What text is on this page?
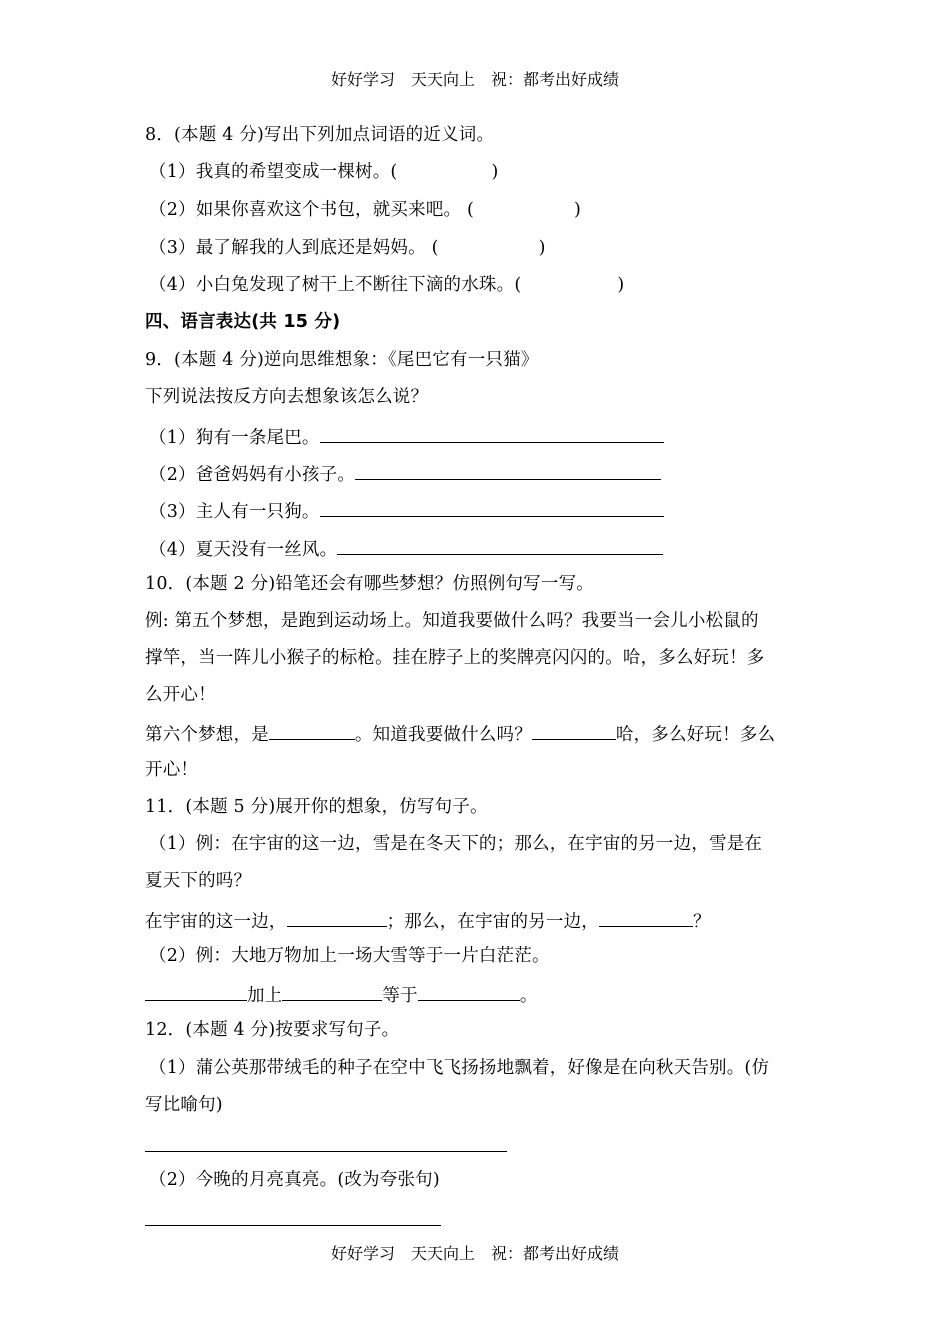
好好学习　天天向上　祝：都考出好成绩
8．(本题 4 分)写出下列加点词语的近义词。
（1）我真的希望变成一棵树。(	)
（2）如果你喜欢这个书包，就买来吧。 (	)
（3）最了解我的人到底还是妈妈。 (	)
（4）小白兔发现了树干上不断往下滴的水珠。(	)
四、语言表达(共 15 分)
9．(本题 4 分)逆向思维想象：《尾巴它有一只猫》
下列说法按反方向去想象该怎么说？
（1）狗有一条尾巴。
（2）爸爸妈妈有小孩子。
（3）主人有一只狗。
（4）夏天没有一丝风。
10．(本题 2 分)铅笔还会有哪些梦想？仿照例句写一写。
例: 第五个梦想，是跑到运动场上。知道我要做什么吗？我要当一会儿小松鼠的
撑竿，当一阵儿小猴子的标枪。挂在脖子上的奖牌亮闪闪的。哈，多么好玩！多
么开心！
第六个梦想，是	。知道我要做什么吗？	哈，多么好玩！多么
开心！
11．(本题 5 分)展开你的想象，仿写句子。
（1）例：在宇宙的这一边，雪是在冬天下的；那么，在宇宙的另一边，雪是在
夏天下的吗？
在宇宙的这一边，	；那么，在宇宙的另一边，	？
（2）例：大地万物加上一场大雪等于一片白茫茫。
加上	等于	。
12．(本题 4 分)按要求写句子。
（1）蒲公英那带绒毛的种子在空中飞飞扬扬地飘着，好像是在向秋天告别。(仿
写比喻句)
（2）今晚的月亮真亮。(改为夸张句)
好好学习　天天向上　祝：都考出好成绩
